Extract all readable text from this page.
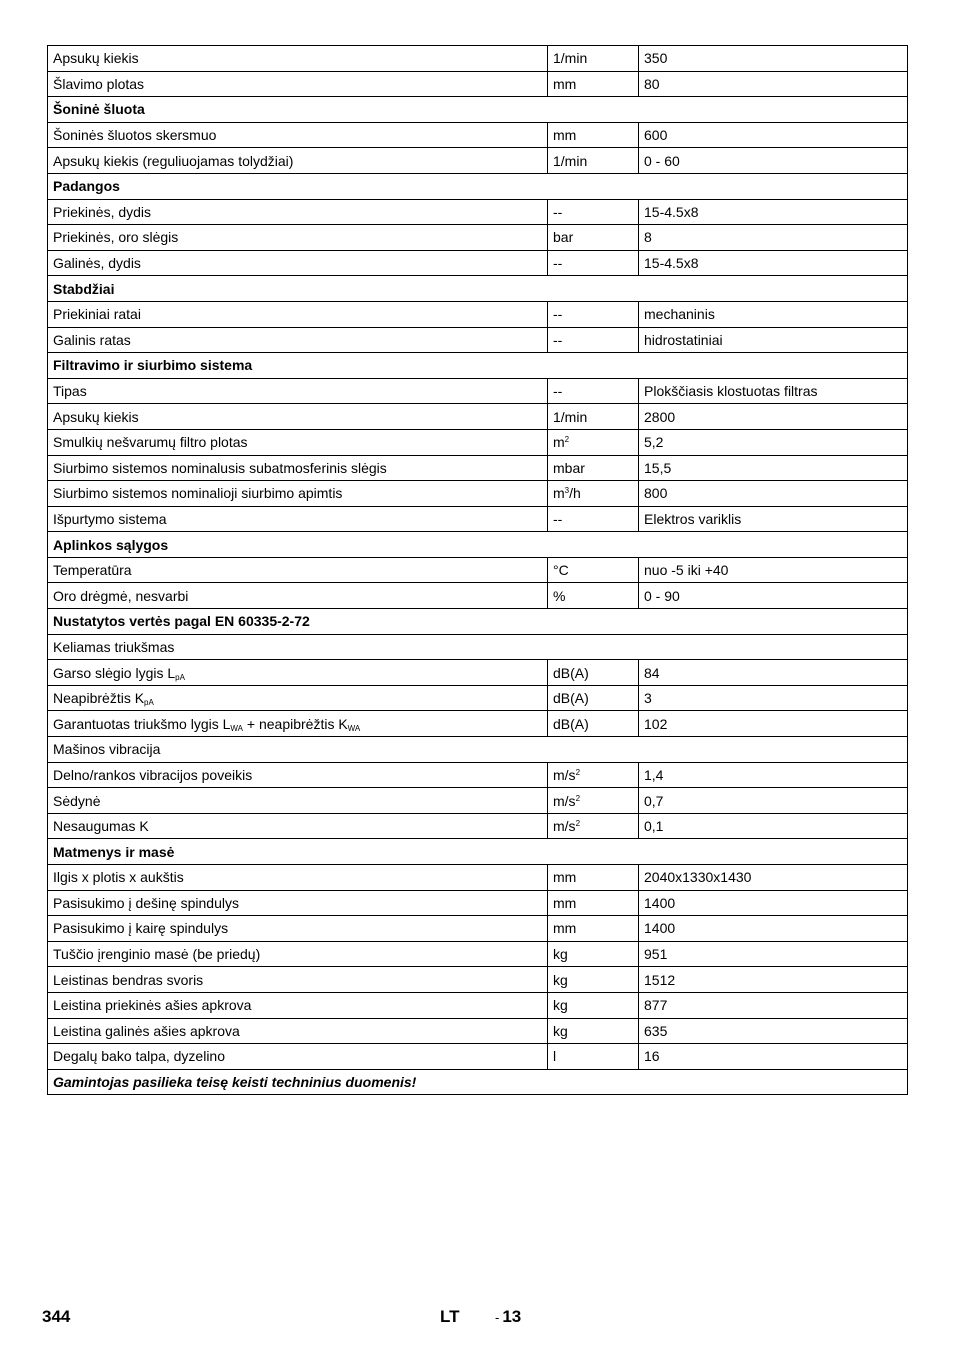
Apsukų kiekis	1/min	350
Šlavimo plotas	mm	80
Šoninė šluota		
Šoninės šluotos skersmuo	mm	600
Apsukų kiekis (reguliuojamas tolydžiai)	1/min	0 - 60
Padangos		
Priekinės, dydis	--	15-4.5x8
Priekinės, oro slėgis	bar	8
Galinės, dydis	--	15-4.5x8
Stabdžiai		
Priekiniai ratai	--	mechaninis
Galinis ratas	--	hidrostatiniai
Filtravimo ir siurbimo sistema		
Tipas	--	Plokščiasis klostuotas filtras
Apsukų kiekis	1/min	2800
Smulkių nešvarumų filtro plotas	$m^2$	5,2
Siurbimo sistemos nominalusis subatmosferinis slėgis	mbar	15,5
Siurbimo sistemos nominalioji siurbimo apimtis	$m^3/h$	800
Išpurtymo sistema	--	Elektros variklis
Aplinkos sąlygos		
Temperatūra	°C	nuo -5 iki +40
Oro drėgmė, nesvarbi	%	0 - 90
Nustatytos vertės pagal EN 60335-2-72		
Keliamas triukšmas		
Garso slėgio lygis $L_{pA}$	dB(A)	84
Neapibrėžtis $K_{pA}$	dB(A)	3
Garantuotas triukšmo lygis $L_{WA}$ + neapibrėžtis $K_{WA}$	dB(A)	102
Mašinos vibracija		
Delno/rankos vibracijos poveikis	$m/s^2$	1,4
Sėdynė	$m/s^2$	0,7
Nesaugumas K	$m/s^2$	0,1
Matmenys ir masė		
Ilgis x plotis x aukštis	mm	2040x1330x1430
Pasisukimo į dešinę spindulys	mm	1400
Pasisukimo į kairę spindulys	mm	1400
Tuščio įrenginio masė (be priedų)	kg	951
Leistinas bendras svoris	kg	1512
Leistina priekinės ašies apkrova	kg	877
Leistina galinės ašies apkrova	kg	635
Degalų bako talpa, dyzelino	l	16
Gamintojas pasilieka teisę keisti techninius duomenis!		
344	LT	- 13
